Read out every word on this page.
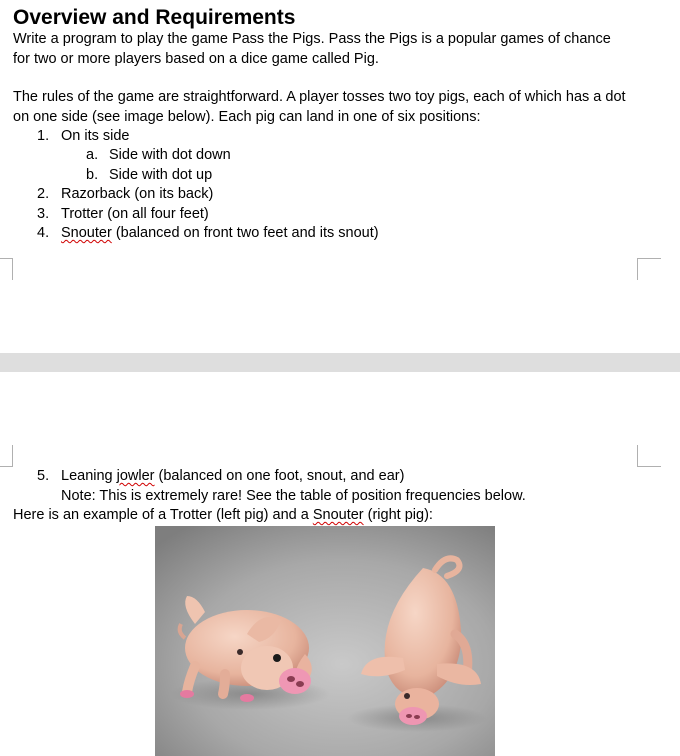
Overview and Requirements
Write a program to play the game Pass the Pigs. Pass the Pigs is a popular games of chance
for two or more players based on a dice game called Pig.
The rules of the game are straightforward. A player tosses two toy pigs, each of which has a dot
on one side (see image below). Each pig can land in one of six positions:
1. On its side
a. Side with dot down
b. Side with dot up
2. Razorback (on its back)
3. Trotter (on all four feet)
4. Snouter (balanced on front two feet and its snout)
5. Leaning jowler (balanced on one foot, snout, and ear)
Note: This is extremely rare! See the table of position frequencies below.
Here is an example of a Trotter (left pig) and a Snouter (right pig):
